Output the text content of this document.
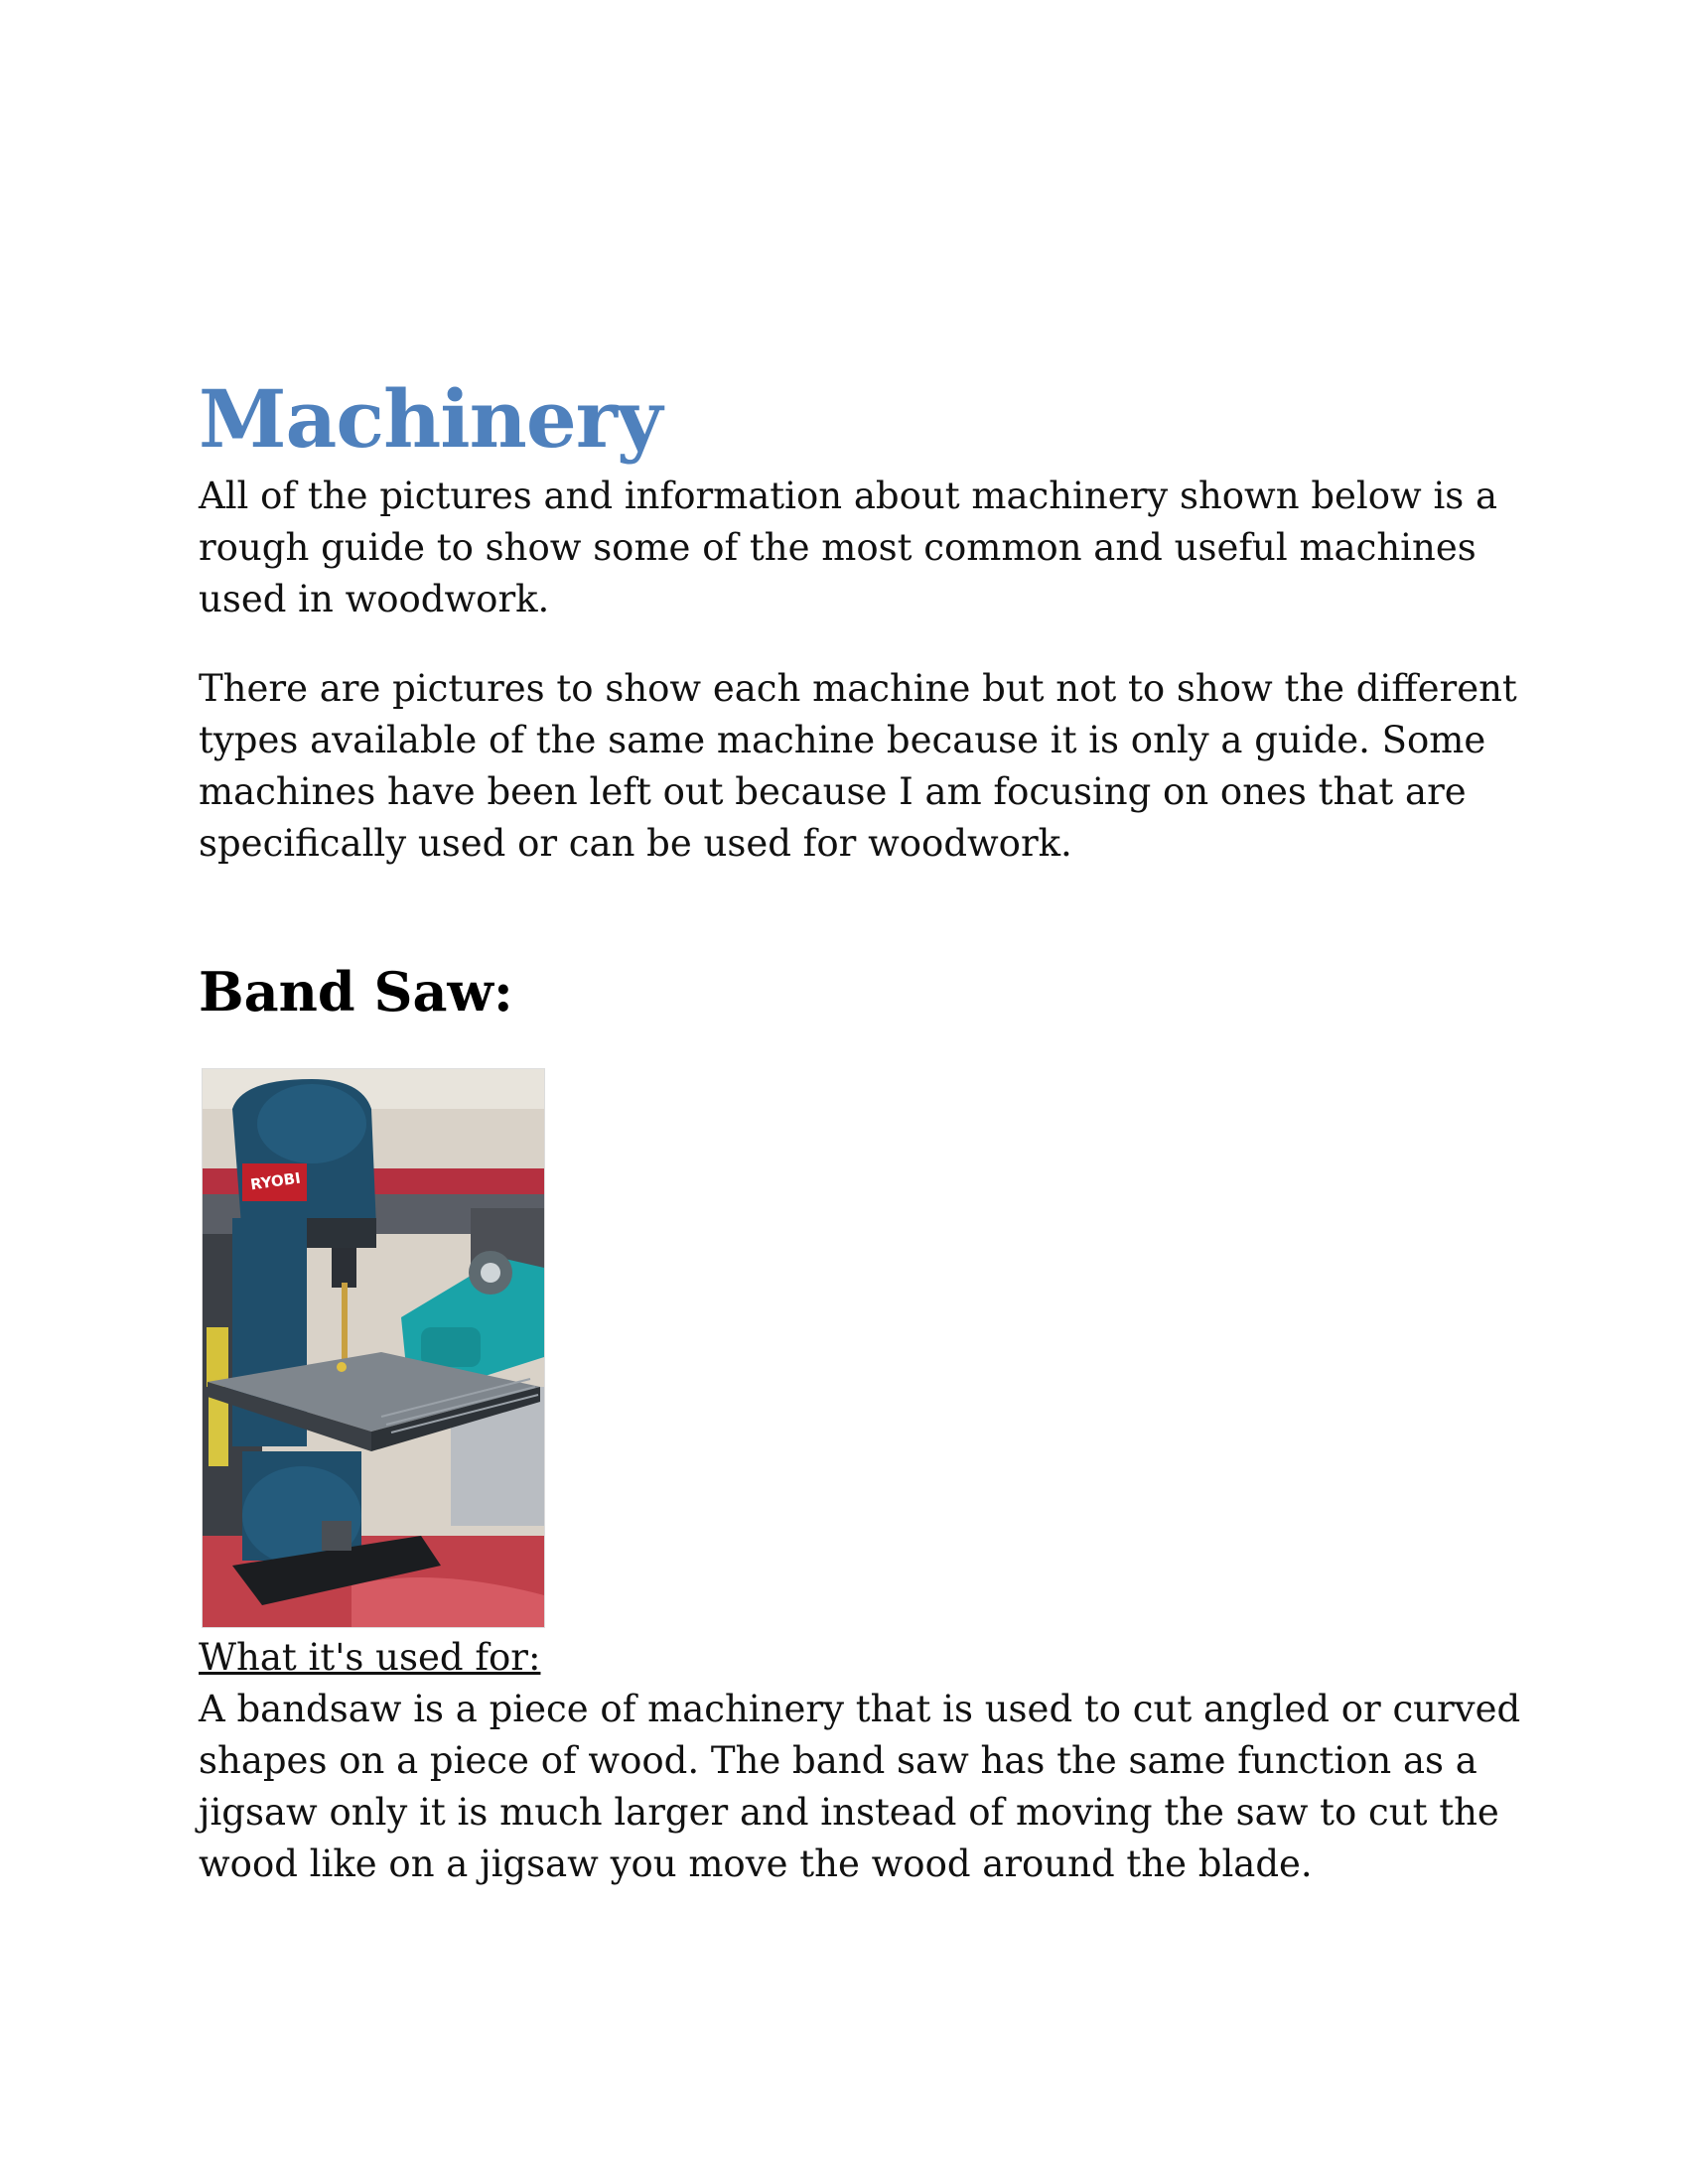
Machinery

All of the pictures and information about machinery shown below is a rough guide to show some of the most common and useful machines used in woodwork.

There are pictures to show each machine but not to show the different types available of the same machine because it is only a guide. Some machines have been left out because I am focusing on ones that are specifically used or can be used for woodwork.

Band Saw:
RYOBI

What it's used for:

A bandsaw is a piece of machinery that is used to cut angled or curved shapes on a piece of wood. The band saw has the same function as a jigsaw only it is much larger and instead of moving the saw to cut the wood like on a jigsaw you move the wood around the blade.
